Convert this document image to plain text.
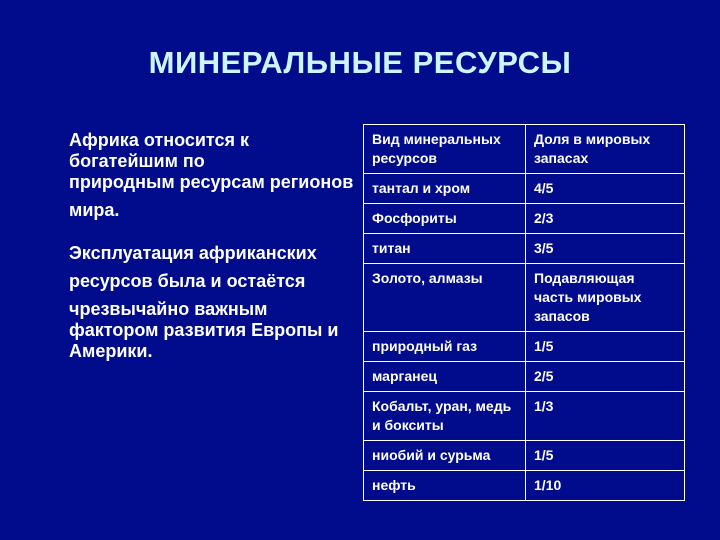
МИНЕРАЛЬНЫЕ РЕСУРСЫ

Африка относится к богатейшим по

природным ресурсам регионов

мира.

Эксплуатация африканских

ресурсов была и остаётся

чрезвычайно важным фактором развития Европы и Америки.

Вид минеральных ресурсов	Доля в мировых запасах
тантал и хром	4/5
Фосфориты	2/3
титан	3/5
Золото, алмазы	Подавляющая часть мировых запасов
природный газ	1/5
марганец	2/5
Кобальт, уран, медь и бокситы	1/3
ниобий и сурьма	1/5
нефть	1/10
